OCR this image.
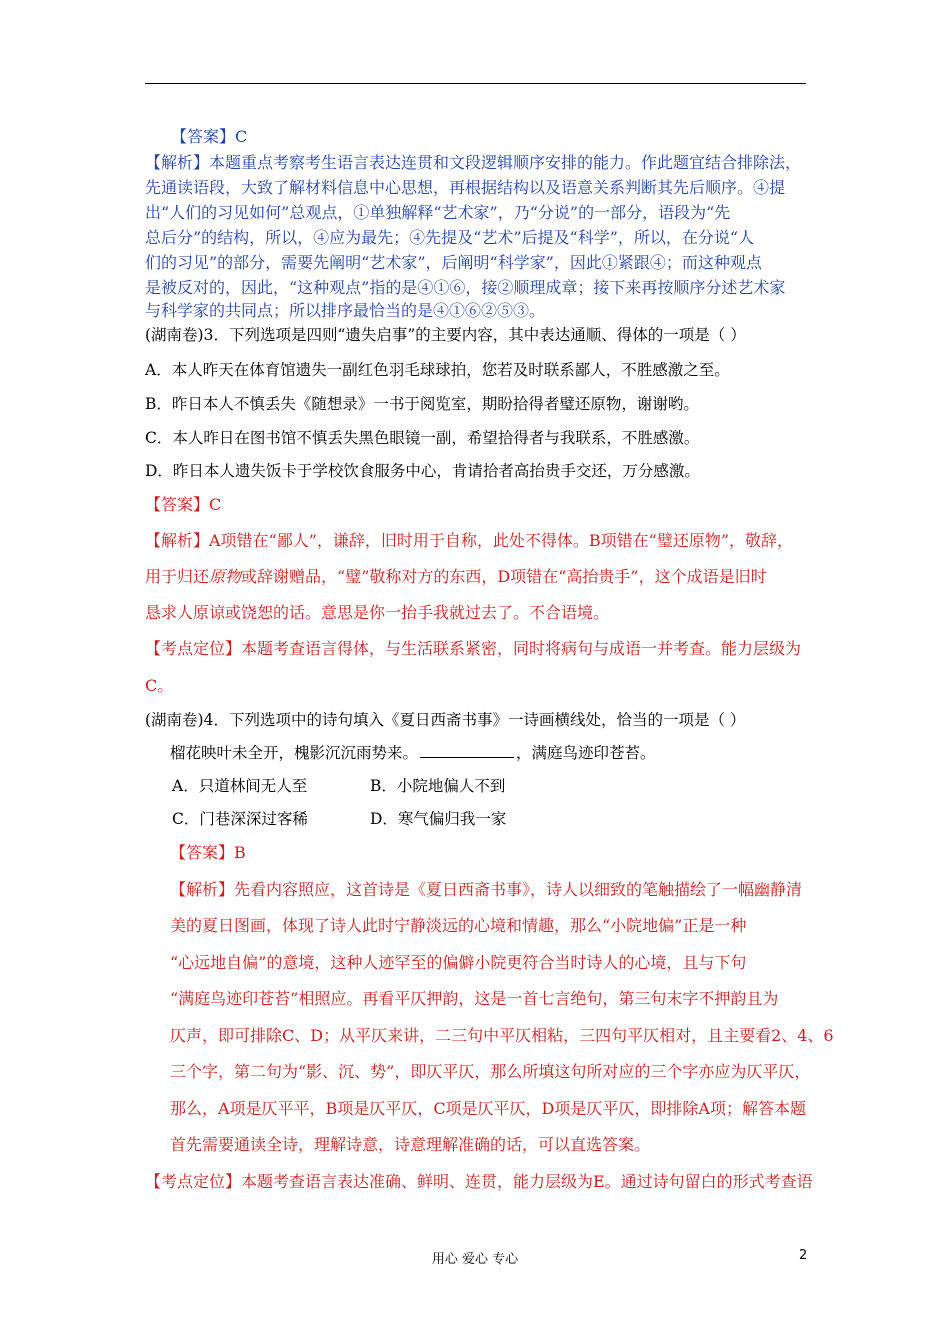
【答案】C
【解析】本题重点考察考生语言表达连贯和文段逻辑顺序安排的能力。作此题宜结合排除法，
先通读语段，大致了解材料信息中心思想，再根据结构以及语意关系判断其先后顺序。④提
出“人们的习见如何”总观点，①单独解释“艺术家”，乃“分说”的一部分，语段为“先
总后分”的结构，所以，④应为最先；④先提及“艺术”后提及“科学”，所以，在分说“人
们的习见”的部分，需要先阐明“艺术家”，后阐明“科学家”，因此①紧跟④；而这种观点
是被反对的，因此，“这种观点”指的是④①⑥，接②顺理成章；接下来再按顺序分述艺术家
与科学家的共同点；所以排序最恰当的是④①⑥②⑤③。
(湖南卷)3．下列选项是四则“遗失启事”的主要内容，其中表达通顺、得体的一项是（ ）
A．本人昨天在体育馆遗失一副红色羽毛球球拍，您若及时联系鄙人，不胜感激之至。
B．昨日本人不慎丢失《随想录》一书于阅览室，期盼拾得者璧还原物，谢谢哟。
C．本人昨日在图书馆不慎丢失黑色眼镜一副，希望拾得者与我联系，不胜感激。
D．昨日本人遗失饭卡于学校饮食服务中心，肯请拾者高抬贵手交还，万分感激。
【答案】C
【解析】A项错在“鄙人”，谦辞，旧时用于自称，此处不得体。B项错在“璧还原物”，敬辞，
用于归还原物或辞谢赠品，“璧”敬称对方的东西，D项错在“高抬贵手”，这个成语是旧时
恳求人原谅或饶恕的话。意思是你一抬手我就过去了。不合语境。
【考点定位】本题考查语言得体，与生活联系紧密，同时将病句与成语一并考查。能力层级为
C。
(湖南卷)4．下列选项中的诗句填入《夏日西斋书事》一诗画横线处，恰当的一项是（ ）
榴花映叶未全开，槐影沉沉雨势来。	，满庭鸟迹印苍苔。
A．只道林间无人至	B．小院地偏人不到
C．门巷深深过客稀	D．寒气偏归我一家
【答案】B
【解析】先看内容照应，这首诗是《夏日西斋书事》，诗人以细致的笔触描绘了一幅幽静清
美的夏日图画，体现了诗人此时宁静淡远的心境和情趣，那么“小院地偏”正是一种
“心远地自偏”的意境，这种人迹罕至的偏僻小院更符合当时诗人的心境，且与下句
“满庭鸟迹印苍苔”相照应。再看平仄押韵，这是一首七言绝句，第三句末字不押韵且为
仄声，即可排除C、D；从平仄来讲，二三句中平仄相粘，三四句平仄相对，且主要看2、4、6
三个字，第二句为“影、沉、势”，即仄平仄，那么所填这句所对应的三个字亦应为仄平仄，
那么，A项是仄平平，B项是仄平仄，C项是仄平仄，D项是仄平仄，即排除A项；解答本题
首先需要通读全诗，理解诗意，诗意理解准确的话，可以直选答案。
【考点定位】本题考查语言表达准确、鲜明、连贯，能力层级为E。通过诗句留白的形式考查语
用心 爱心 专心	2
